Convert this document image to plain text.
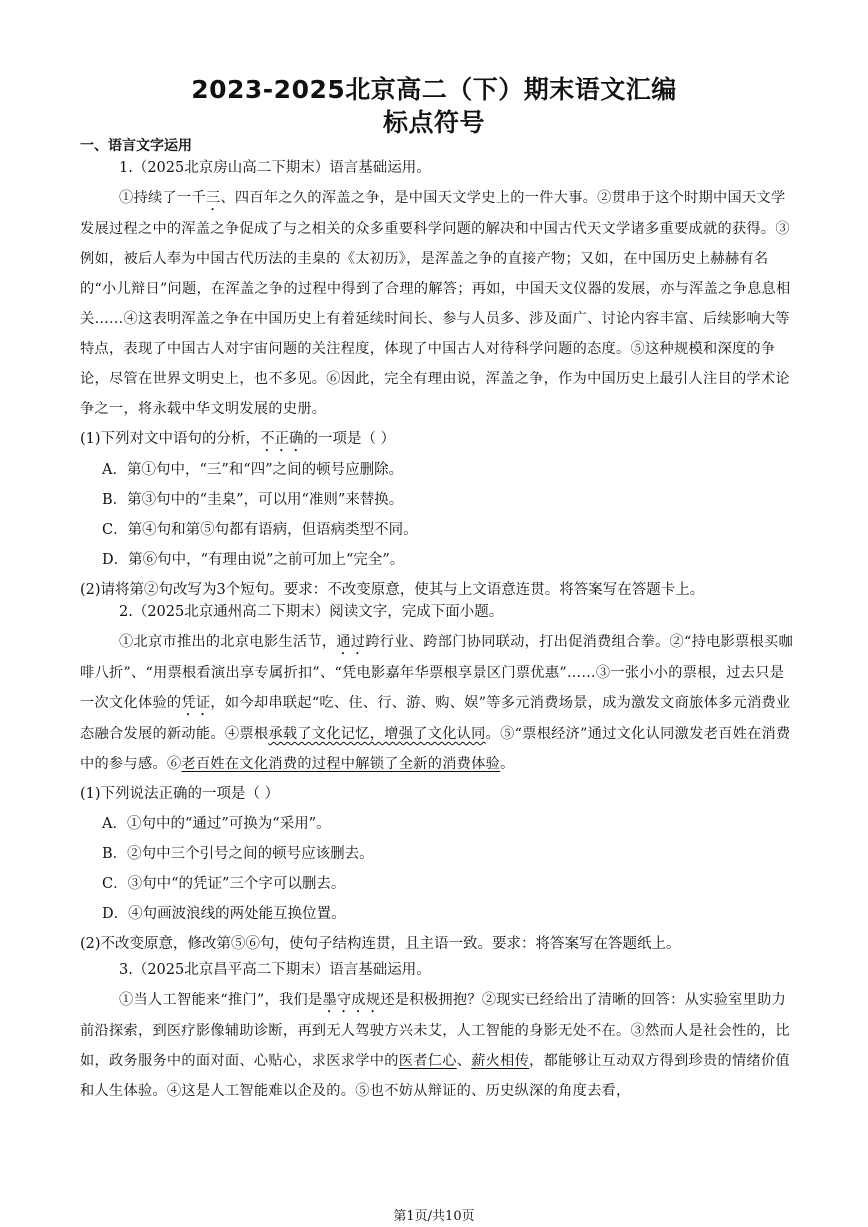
2023-2025北京高二（下）期末语文汇编
标点符号
一、语言文字运用

1.（2025北京房山高二下期末）语言基础运用。

①持续了一千三、四百年之久的浑盖之争，是中国天文学史上的一件大事。②贯串于这个时期中国天文学发展过程之中的浑盖之争促成了与之相关的众多重要科学问题的解决和中国古代天文学诸多重要成就的获得。③例如，被后人奉为中国古代历法的圭臬的《太初历》，是浑盖之争的直接产物；又如，在中国历史上赫赫有名的“小儿辩日”问题，在浑盖之争的过程中得到了合理的解答；再如，中国天文仪器的发展，亦与浑盖之争息息相关……④这表明浑盖之争在中国历史上有着延续时间长、参与人员多、涉及面广、讨论内容丰富、后续影响大等特点，表现了中国古人对宇宙问题的关注程度，体现了中国古人对待科学问题的态度。⑤这种规模和深度的争论，尽管在世界文明史上，也不多见。⑥因此，完全有理由说，浑盖之争，作为中国历史上最引人注目的学术论争之一，将永载中华文明发展的史册。

(1)下列对文中语句的分析，不正确的一项是（ ）

A．第①句中，“三”和“四”之间的顿号应删除。

B．第③句中的“圭臬”，可以用“准则”来替换。

C．第④句和第⑤句都有语病，但语病类型不同。

D．第⑥句中，“有理由说”之前可加上“完全”。

(2)请将第②句改写为3个短句。要求：不改变原意，使其与上文语意连贯。将答案写在答题卡上。

2.（2025北京通州高二下期末）阅读文字，完成下面小题。

①北京市推出的北京电影生活节，通过跨行业、跨部门协同联动，打出促消费组合拳。②“持电影票根买咖啡八折”、“用票根看演出享专属折扣”、“凭电影嘉年华票根享景区门票优惠”……③一张小小的票根，过去只是一次文化体验的凭证，如今却串联起“吃、住、行、游、购、娱”等多元消费场景，成为激发文商旅体多元消费业态融合发展的新动能。④票根承载了文化记忆，增强了文化认同。⑤“票根经济”通过文化认同激发老百姓在消费中的参与感。⑥老百姓在文化消费的过程中解锁了全新的消费体验。

(1)下列说法正确的一项是（ ）

A．①句中的“通过”可换为“采用”。

B．②句中三个引号之间的顿号应该删去。

C．③句中“的凭证”三个字可以删去。

D．④句画波浪线的两处能互换位置。

(2)不改变原意，修改第⑤⑥句，使句子结构连贯，且主语一致。要求：将答案写在答题纸上。

3.（2025北京昌平高二下期末）语言基础运用。

①当人工智能来“推门”，我们是墨守成规还是积极拥抱？②现实已经给出了清晰的回答：从实验室里助力前沿探索，到医疗影像辅助诊断，再到无人驾驶方兴未艾，人工智能的身影无处不在。③然而人是社会性的，比如，政务服务中的面对面、心贴心，求医求学中的医者仁心、薪火相传，都能够让互动双方得到珍贵的情绪价值和人生体验。④这是人工智能难以企及的。⑤也不妨从辩证的、历史纵深的角度去看，

第1页/共10页
